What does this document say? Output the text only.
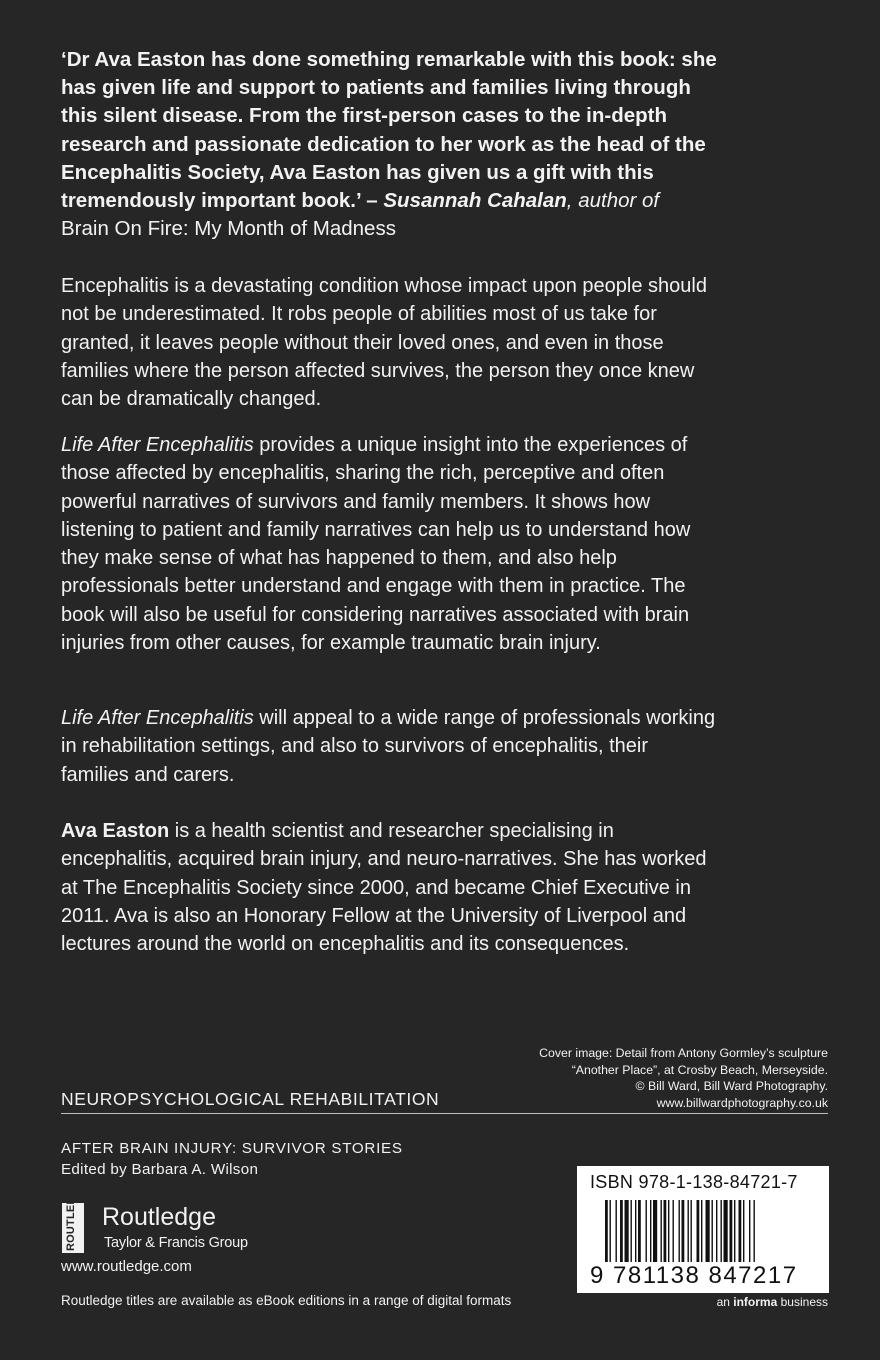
‘Dr Ava Easton has done something remarkable with this book: she has given life and support to patients and families living through this silent disease. From the first-person cases to the in-depth research and passionate dedication to her work as the head of the Encephalitis Society, Ava Easton has given us a gift with this tremendously important book.’ – Susannah Cahalan, author of
Brain On Fire: My Month of Madness

Encephalitis is a devastating condition whose impact upon people should not be underestimated. It robs people of abilities most of us take for granted, it leaves people without their loved ones, and even in those families where the person affected survives, the person they once knew can be dramatically changed.

Life After Encephalitis provides a unique insight into the experiences of those affected by encephalitis, sharing the rich, perceptive and often powerful narratives of survivors and family members. It shows how listening to patient and family narratives can help us to understand how they make sense of what has happened to them, and also help professionals better understand and engage with them in practice. The book will also be useful for considering narratives associated with brain injuries from other causes, for example traumatic brain injury.

Life After Encephalitis will appeal to a wide range of professionals working in rehabilitation settings, and also to survivors of encephalitis, their families and carers.

Ava Easton is a health scientist and researcher specialising in encephalitis, acquired brain injury, and neuro-narratives. She has worked at The Encephalitis Society since 2000, and became Chief Executive in 2011. Ava is also an Honorary Fellow at the University of Liverpool and lectures around the world on encephalitis and its consequences.

Cover image: Detail from Antony Gormley’s sculpture
“Another Place”, at Crosby Beach, Merseyside.
© Bill Ward, Bill Ward Photography.
www.billwardphotography.co.uk
NEUROPSYCHOLOGICAL REHABILITATION
AFTER BRAIN INJURY: SURVIVOR STORIES
Edited by Barbara A. Wilson
ROUTLEDGE Routledge
Taylor & Francis Group
www.routledge.com
Routledge titles are available as eBook editions in a range of digital formats
ISBN 978-1-138-84721-7
9 781138 847217
an informa business
